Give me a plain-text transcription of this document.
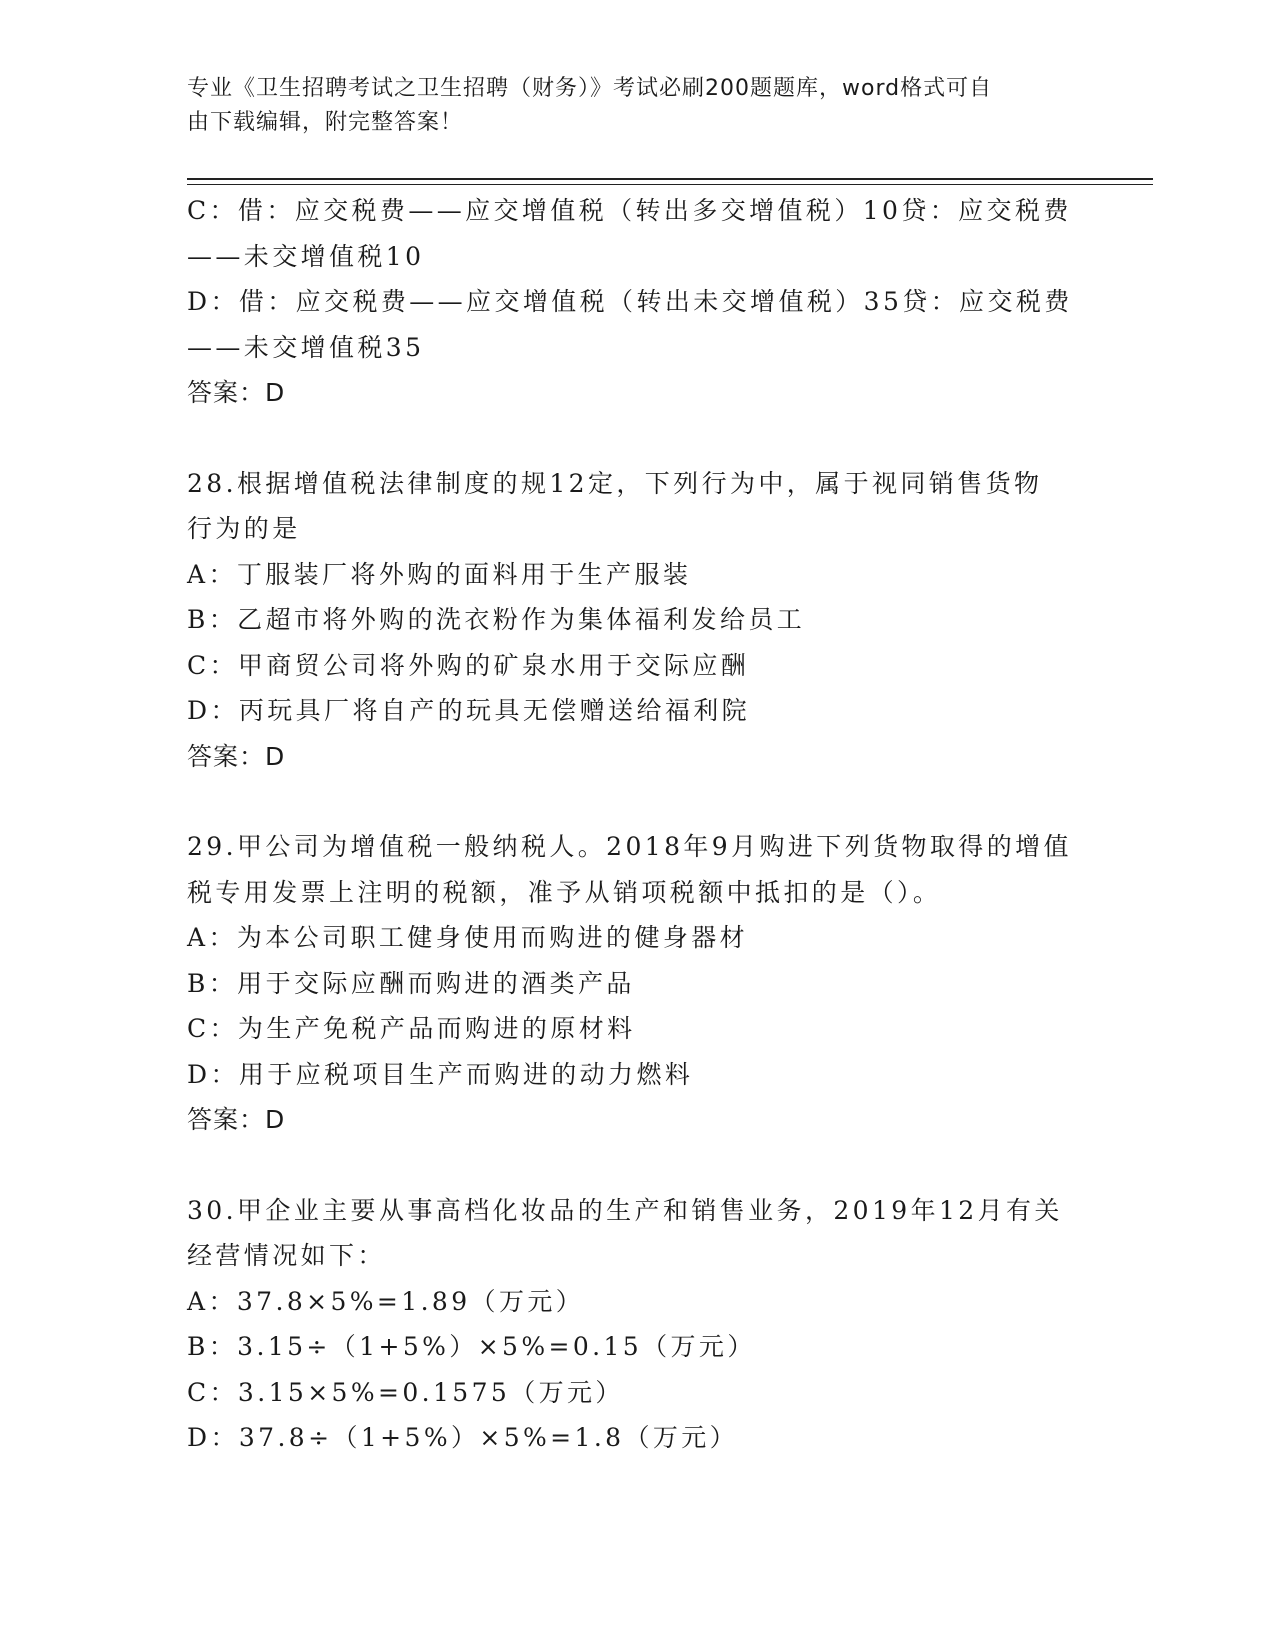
专业《卫生招聘考试之卫生招聘（财务）》考试必刷200题题库，word格式可自
由下载编辑，附完整答案！
C：借：应交税费——应交增值税（转出多交增值税）10贷：应交税费
——未交增值税10
D：借：应交税费——应交增值税（转出未交增值税）35贷：应交税费
——未交增值税35
答案：D
28.根据增值税法律制度的规12定，下列行为中，属于视同销售货物
行为的是
A：丁服装厂将外购的面料用于生产服装
B：乙超市将外购的洗衣粉作为集体福利发给员工
C：甲商贸公司将外购的矿泉水用于交际应酬
D：丙玩具厂将自产的玩具无偿赠送给福利院
答案：D
29.甲公司为增值税一般纳税人。2018年9月购进下列货物取得的增值
税专用发票上注明的税额，准予从销项税额中抵扣的是（）。
A：为本公司职工健身使用而购进的健身器材
B：用于交际应酬而购进的酒类产品
C：为生产免税产品而购进的原材料
D：用于应税项目生产而购进的动力燃料
答案：D
30.甲企业主要从事高档化妆品的生产和销售业务，2019年12月有关
经营情况如下：
A：37.8×5%=1.89（万元）
B：3.15÷（1+5%）×5%=0.15（万元）
C：3.15×5%=0.1575（万元）
D：37.8÷（1+5%）×5%=1.8（万元）
